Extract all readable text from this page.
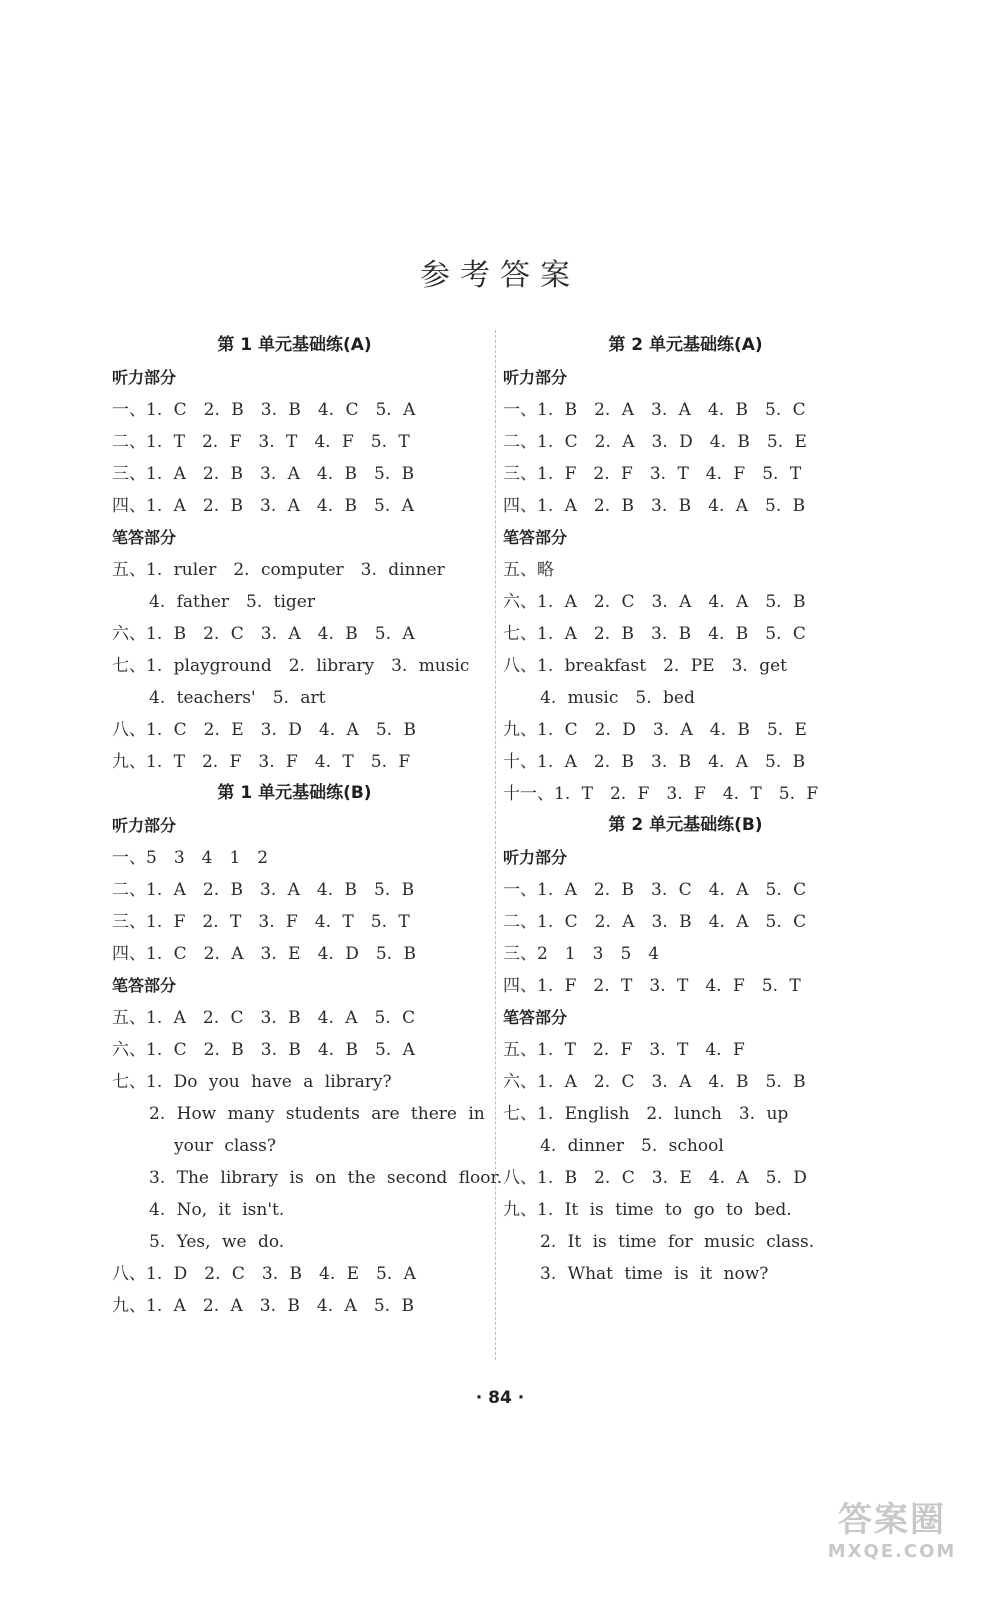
参考答案
第 1 单元基础练(A)
听力部分
一、1. C　2. B　3. B　4. C　5. A
二、1. T　2. F　3. T　4. F　5. T
三、1. A　2. B　3. A　4. B　5. B
四、1. A　2. B　3. A　4. B　5. A
笔答部分
五、1. ruler　2. computer　3. dinner
4. father　5. tiger
六、1. B　2. C　3. A　4. B　5. A
七、1. playground　2. library　3. music
4. teachers'　5. art
八、1. C　2. E　3. D　4. A　5. B
九、1. T　2. F　3. F　4. T　5. F
第 1 单元基础练(B)
听力部分
一、5　3　4　1　2
二、1. A　2. B　3. A　4. B　5. B
三、1. F　2. T　3. F　4. T　5. T
四、1. C　2. A　3. E　4. D　5. B
笔答部分
五、1. A　2. C　3. B　4. A　5. C
六、1. C　2. B　3. B　4. B　5. A
七、1. Do you have a library?
2. How many students are there in
your class?
3. The library is on the second floor.
4. No, it isn't.
5. Yes, we do.
八、1. D　2. C　3. B　4. E　5. A
九、1. A　2. A　3. B　4. A　5. B
第 2 单元基础练(A)
听力部分
一、1. B　2. A　3. A　4. B　5. C
二、1. C　2. A　3. D　4. B　5. E
三、1. F　2. F　3. T　4. F　5. T
四、1. A　2. B　3. B　4. A　5. B
笔答部分
五、略
六、1. A　2. C　3. A　4. A　5. B
七、1. A　2. B　3. B　4. B　5. C
八、1. breakfast　2. PE　3. get
4. music　5. bed
九、1. C　2. D　3. A　4. B　5. E
十、1. A　2. B　3. B　4. A　5. B
十一、1. T　2. F　3. F　4. T　5. F
第 2 单元基础练(B)
听力部分
一、1. A　2. B　3. C　4. A　5. C
二、1. C　2. A　3. B　4. A　5. C
三、2　1　3　5　4
四、1. F　2. T　3. T　4. F　5. T
笔答部分
五、1. T　2. F　3. T　4. F
六、1. A　2. C　3. A　4. B　5. B
七、1. English　2. lunch　3. up
4. dinner　5. school
八、1. B　2. C　3. E　4. A　5. D
九、1. It is time to go to bed.
2. It is time for music class.
3. What time is it now?
· 84 ·
答案圈
MXQE.COM
